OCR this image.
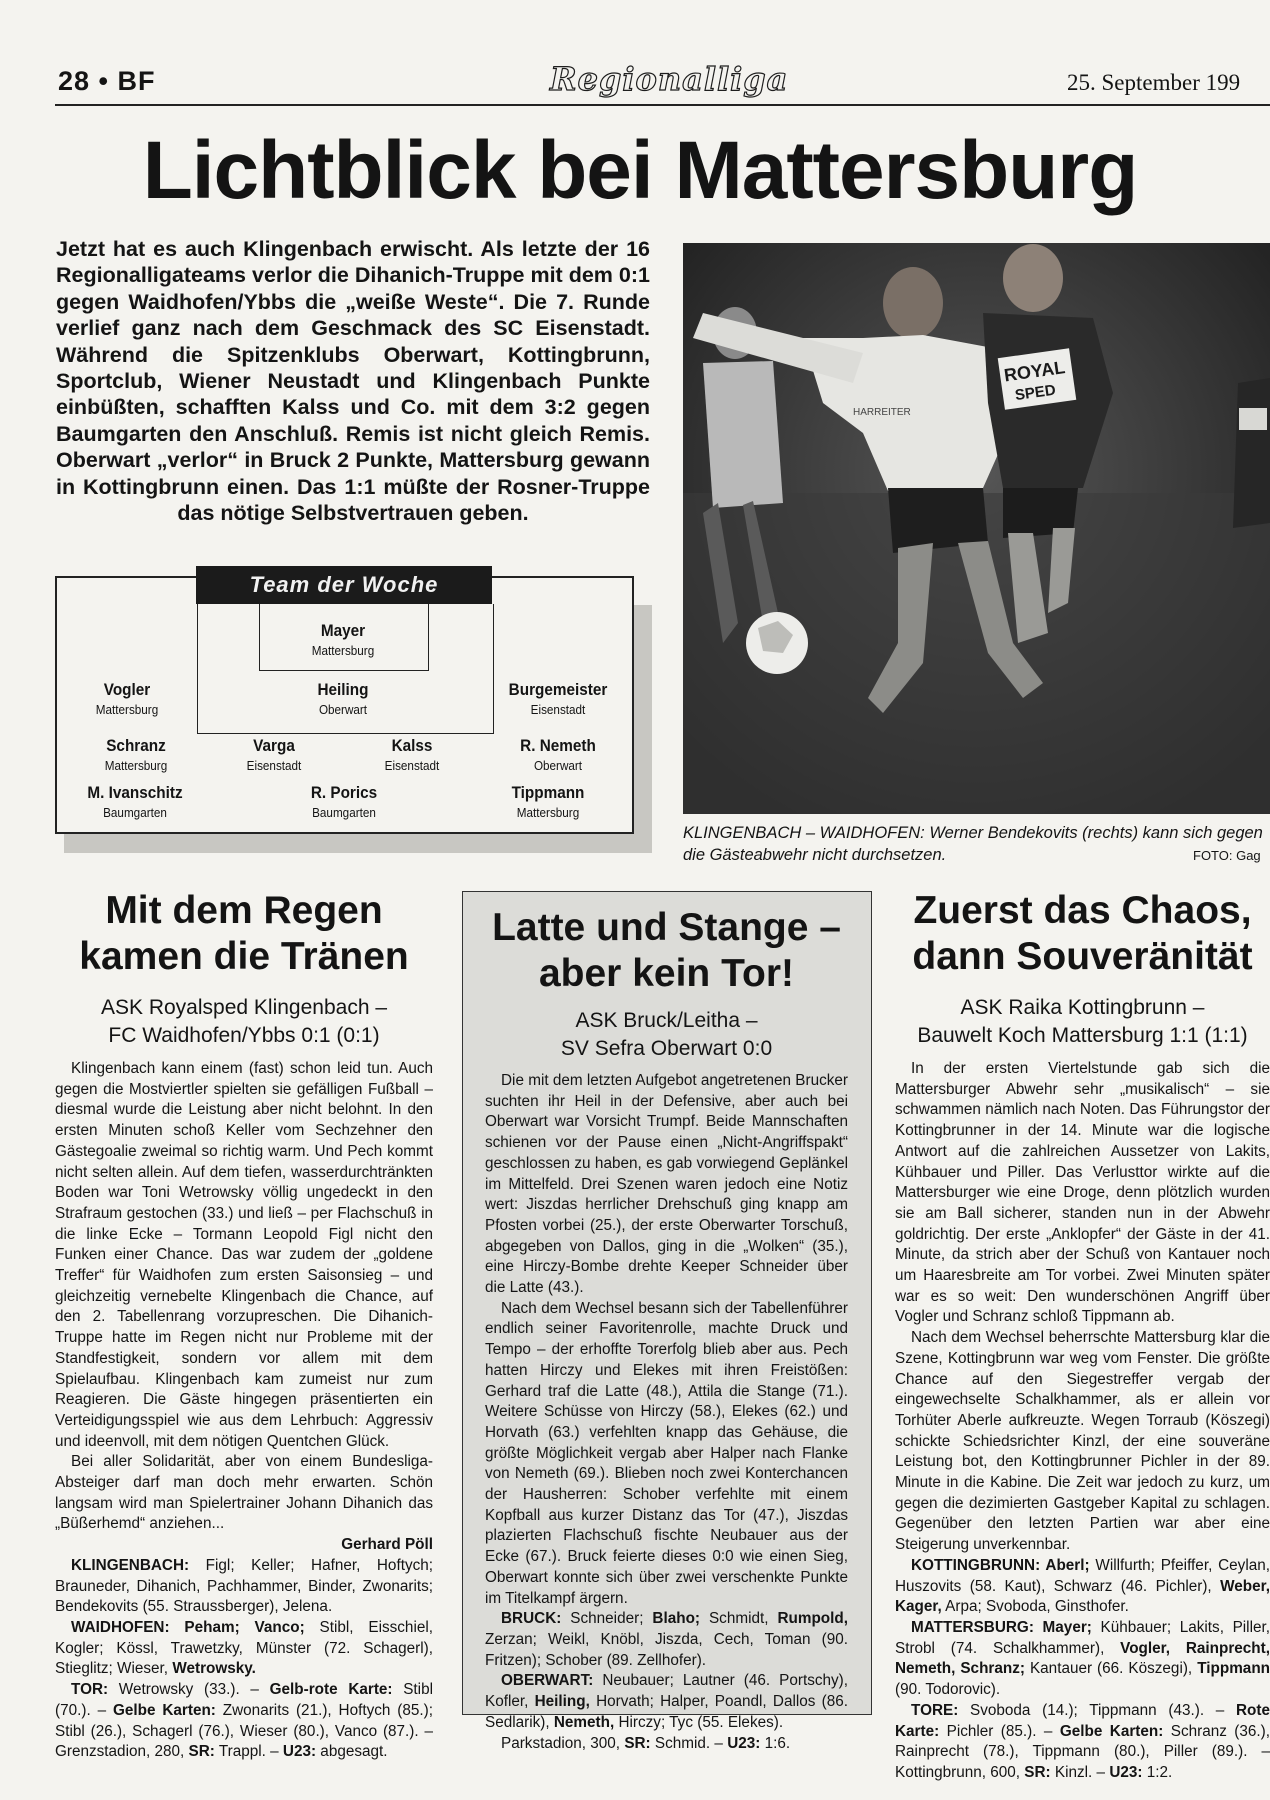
28 • BF	Regionalliga	25. September 199
Lichtblick bei Mattersburg
Jetzt hat es auch Klingenbach erwischt. Als letzte der 16 Regionalligateams verlor die Dihanich-Truppe mit dem 0:1 gegen Waidhofen/Ybbs die „weiße Weste“. Die 7. Runde verlief ganz nach dem Geschmack des SC Eisenstadt. Während die Spitzenklubs Oberwart, Kottingbrunn, Sportclub, Wiener Neustadt und Klingenbach Punkte einbüßten, schafften Kalss und Co. mit dem 3:2 gegen Baumgarten den Anschluß. Remis ist nicht gleich Remis. Oberwart „verlor“ in Bruck 2 Punkte, Mattersburg gewann in Kottingbrunn einen. Das 1:1 müßte der Rosner-Truppe das nötige Selbstvertrauen geben.
Team der Woche
Mayer
Mattersburg
Vogler
Mattersburg
Heiling
Oberwart
Burgemeister
Eisenstadt
Schranz
Mattersburg
Varga
Eisenstadt
Kalss
Eisenstadt
R. Nemeth
Oberwart
M. Ivanschitz
Baumgarten
R. Porics
Baumgarten
Tippmann
Mattersburg
ROYAL
SPED
HARREITER
KLINGENBACH – WAIDHOFEN: Werner Bendekovits (rechts) kann sich gegen die Gästeabwehr nicht durchsetzen.	FOTO: Gag
Mit dem Regen kamen die Tränen
ASK Royalsped Klingenbach –
FC Waidhofen/Ybbs 0:1 (0:1)

Klingenbach kann einem (fast) schon leid tun. Auch gegen die Mostviertler spielten sie gefälligen Fußball – diesmal wurde die Leistung aber nicht belohnt. In den ersten Minuten schoß Keller vom Sechzehner den Gästegoalie zweimal so richtig warm. Und Pech kommt nicht selten allein. Auf dem tiefen, wasserdurchtränkten Boden war Toni Wetrowsky völlig ungedeckt in den Strafraum gestochen (33.) und ließ – per Flachschuß in die linke Ecke – Tormann Leopold Figl nicht den Funken einer Chance. Das war zudem der „goldene Treffer“ für Waidhofen zum ersten Saisonsieg – und gleichzeitig vernebelte Klingenbach die Chance, auf den 2. Tabellenrang vorzupreschen. Die Dihanich-Truppe hatte im Regen nicht nur Probleme mit der Standfestigkeit, sondern vor allem mit dem Spielaufbau. Klingenbach kam zumeist nur zum Reagieren. Die Gäste hingegen präsentierten ein Verteidigungsspiel wie aus dem Lehrbuch: Aggressiv und ideenvoll, mit dem nötigen Quentchen Glück.

Bei aller Solidarität, aber von einem Bundesliga-Absteiger darf man doch mehr erwarten. Schön langsam wird man Spielertrainer Johann Dihanich das „Büßerhemd“ anziehen...

Gerhard Pöll

KLINGENBACH: Figl; Keller; Hafner, Hoftych; Brauneder, Dihanich, Pachhammer, Binder, Zwonarits; Bendekovits (55. Straussberger), Jelena.

WAIDHOFEN: Peham; Vanco; Stibl, Eisschiel, Kogler; Kössl, Trawetzky, Münster (72. Schagerl), Stieglitz; Wieser, Wetrowsky.

TOR: Wetrowsky (33.). – Gelb-rote Karte: Stibl (70.). – Gelbe Karten: Zwonarits (21.), Hoftych (85.); Stibl (26.), Schagerl (76.), Wieser (80.), Vanco (87.). – Grenzstadion, 280, SR: Trappl. – U23: abgesagt.

Latte und Stange – aber kein Tor!
ASK Bruck/Leitha –
SV Sefra Oberwart 0:0

Die mit dem letzten Aufgebot angetretenen Brucker suchten ihr Heil in der Defensive, aber auch bei Oberwart war Vorsicht Trumpf. Beide Mannschaften schienen vor der Pause einen „Nicht-Angriffspakt“ geschlossen zu haben, es gab vorwiegend Geplänkel im Mittelfeld. Drei Szenen waren jedoch eine Notiz wert: Jiszdas herrlicher Drehschuß ging knapp am Pfosten vorbei (25.), der erste Oberwarter Torschuß, abgegeben von Dallos, ging in die „Wolken“ (35.), eine Hirczy-Bombe drehte Keeper Schneider über die Latte (43.).

Nach dem Wechsel besann sich der Tabellenführer endlich seiner Favoritenrolle, machte Druck und Tempo – der erhoffte Torerfolg blieb aber aus. Pech hatten Hirczy und Elekes mit ihren Freistößen: Gerhard traf die Latte (48.), Attila die Stange (71.). Weitere Schüsse von Hirczy (58.), Elekes (62.) und Horvath (63.) verfehlten knapp das Gehäuse, die größte Möglichkeit vergab aber Halper nach Flanke von Nemeth (69.). Blieben noch zwei Konterchancen der Hausherren: Schober verfehlte mit einem Kopfball aus kurzer Distanz das Tor (47.), Jiszdas plazierten Flachschuß fischte Neubauer aus der Ecke (67.). Bruck feierte dieses 0:0 wie einen Sieg, Oberwart konnte sich über zwei verschenkte Punkte im Titelkampf ärgern.

BRUCK: Schneider; Blaho; Schmidt, Rumpold, Zerzan; Weikl, Knöbl, Jiszda, Cech, Toman (90. Fritzen); Schober (89. Zellhofer).

OBERWART: Neubauer; Lautner (46. Portschy), Kofler, Heiling, Horvath; Halper, Poandl, Dallos (86. Sedlarik), Nemeth, Hirczy; Tyc (55. Elekes).

Parkstadion, 300, SR: Schmid. – U23: 1:6.

Zuerst das Chaos, dann Souveränität
ASK Raika Kottingbrunn –
Bauwelt Koch Mattersburg 1:1 (1:1)

In der ersten Viertelstunde gab sich die Mattersburger Abwehr sehr „musikalisch“ – sie schwammen nämlich nach Noten. Das Führungstor der Kottingbrunner in der 14. Minute war die logische Antwort auf die zahlreichen Aussetzer von Lakits, Kühbauer und Piller. Das Verlusttor wirkte auf die Mattersburger wie eine Droge, denn plötzlich wurden sie am Ball sicherer, standen nun in der Abwehr goldrichtig. Der erste „Anklopfer“ der Gäste in der 41. Minute, da strich aber der Schuß von Kantauer noch um Haaresbreite am Tor vorbei. Zwei Minuten später war es so weit: Den wunderschönen Angriff über Vogler und Schranz schloß Tippmann ab.

Nach dem Wechsel beherrschte Mattersburg klar die Szene, Kottingbrunn war weg vom Fenster. Die größte Chance auf den Siegestreffer vergab der eingewechselte Schalkhammer, als er allein vor Torhüter Aberle aufkreuzte. Wegen Torraub (Köszegi) schickte Schiedsrichter Kinzl, der eine souveräne Leistung bot, den Kottingbrunner Pichler in der 89. Minute in die Kabine. Die Zeit war jedoch zu kurz, um gegen die dezimierten Gastgeber Kapital zu schlagen. Gegenüber den letzten Partien war aber eine Steigerung unverkennbar.

KOTTINGBRUNN: Aberl; Willfurth; Pfeiffer, Ceylan, Huszovits (58. Kaut), Schwarz (46. Pichler), Weber, Kager, Arpa; Svoboda, Ginsthofer.

MATTERSBURG: Mayer; Kühbauer; Lakits, Piller, Strobl (74. Schalkhammer), Vogler, Rainprecht, Nemeth, Schranz; Kantauer (66. Köszegi), Tippmann (90. Todorovic).

TORE: Svoboda (14.); Tippmann (43.). – Rote Karte: Pichler (85.). – Gelbe Karten: Schranz (36.), Rainprecht (78.), Tippmann (80.), Piller (89.). – Kottingbrunn, 600, SR: Kinzl. – U23: 1:2.
